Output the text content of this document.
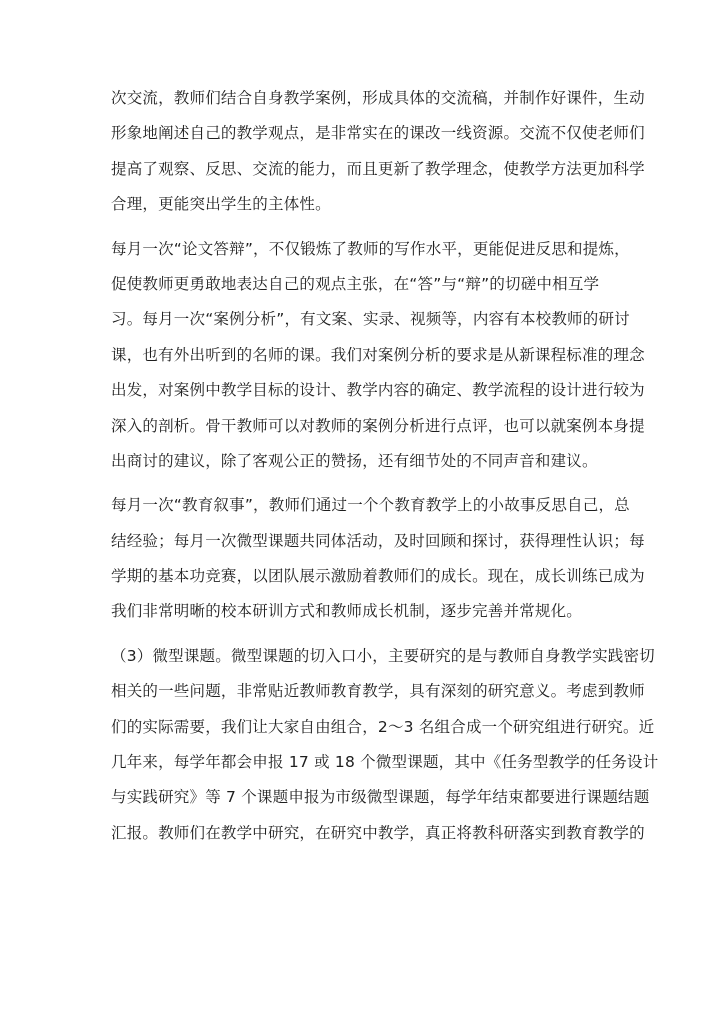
次交流，教师们结合自身教学案例，形成具体的交流稿，并制作好课件，生动
形象地阐述自己的教学观点，是非常实在的课改一线资源。交流不仅使老师们
提高了观察、反思、交流的能力，而且更新了教学理念，使教学方法更加科学
合理，更能突出学生的主体性。
每月一次“论文答辩”，不仅锻炼了教师的写作水平，更能促进反思和提炼，
促使教师更勇敢地表达自己的观点主张，在“答”与“辩”的切磋中相互学
习。每月一次“案例分析”，有文案、实录、视频等，内容有本校教师的研讨
课，也有外出听到的名师的课。我们对案例分析的要求是从新课程标准的理念
出发，对案例中教学目标的设计、教学内容的确定、教学流程的设计进行较为
深入的剖析。骨干教师可以对教师的案例分析进行点评，也可以就案例本身提
出商讨的建议，除了客观公正的赞扬，还有细节处的不同声音和建议。
每月一次“教育叙事”，教师们通过一个个教育教学上的小故事反思自己，总
结经验；每月一次微型课题共同体活动，及时回顾和探讨，获得理性认识；每
学期的基本功竞赛，以团队展示激励着教师们的成长。现在，成长训练已成为
我们非常明晰的校本研训方式和教师成长机制，逐步完善并常规化。
（3）微型课题。微型课题的切入口小，主要研究的是与教师自身教学实践密切
相关的一些问题，非常贴近教师教育教学，具有深刻的研究意义。考虑到教师
们的实际需要，我们让大家自由组合，2～3 名组合成一个研究组进行研究。近
几年来，每学年都会申报 17 或 18 个微型课题，其中《任务型教学的任务设计
与实践研究》等 7 个课题申报为市级微型课题，每学年结束都要进行课题结题
汇报。教师们在教学中研究，在研究中教学，真正将教科研落实到教育教学的
